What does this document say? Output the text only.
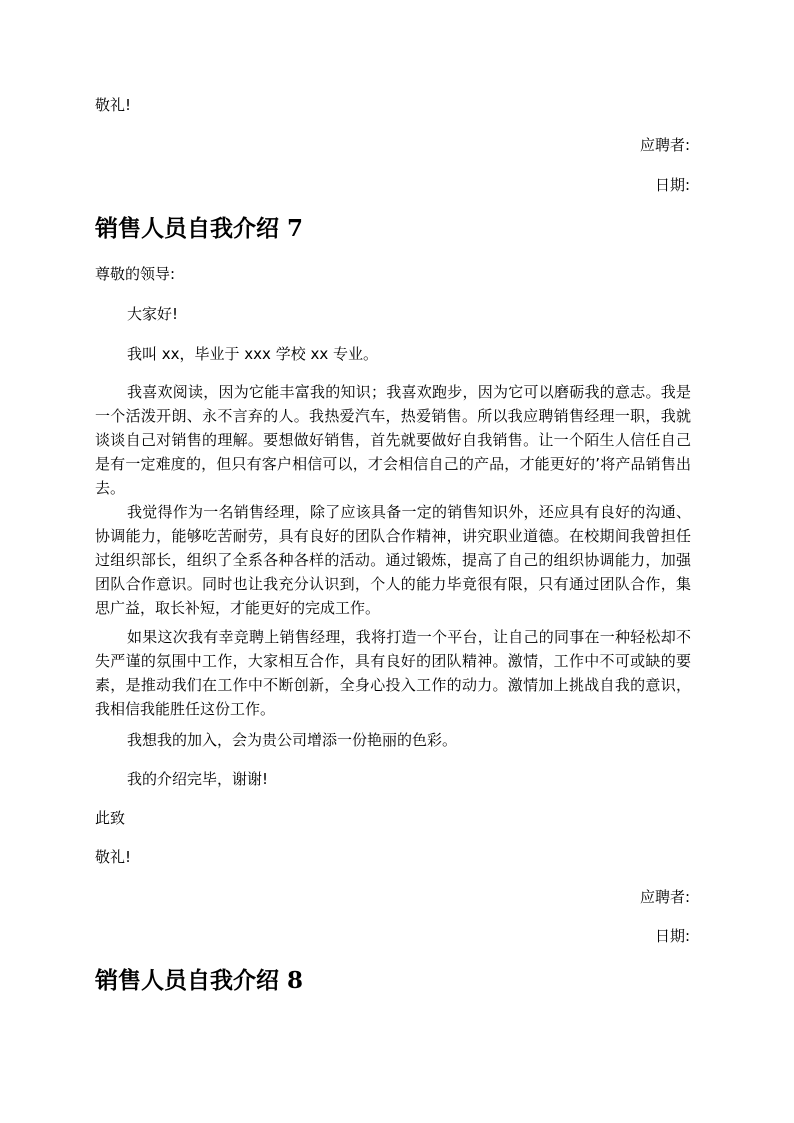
敬礼!
应聘者:
日期:
销售人员自我介绍 7
尊敬的领导:
大家好!
我叫 xx，毕业于 xxx 学校 xx 专业。
我喜欢阅读，因为它能丰富我的知识；我喜欢跑步，因为它可以磨砺我的意志。我是一个活泼开朗、永不言弃的人。我热爱汽车，热爱销售。所以我应聘销售经理一职，我就谈谈自己对销售的理解。要想做好销售，首先就要做好自我销售。让一个陌生人信任自己是有一定难度的，但只有客户相信可以，才会相信自己的产品，才能更好的’将产品销售出去。
我觉得作为一名销售经理，除了应该具备一定的销售知识外，还应具有良好的沟通、协调能力，能够吃苦耐劳，具有良好的团队合作精神，讲究职业道德。在校期间我曾担任过组织部长，组织了全系各种各样的活动。通过锻炼，提高了自己的组织协调能力，加强团队合作意识。同时也让我充分认识到，个人的能力毕竟很有限，只有通过团队合作，集思广益，取长补短，才能更好的完成工作。
如果这次我有幸竞聘上销售经理，我将打造一个平台，让自己的同事在一种轻松却不失严谨的氛围中工作，大家相互合作，具有良好的团队精神。激情，工作中不可或缺的要素，是推动我们在工作中不断创新，全身心投入工作的动力。激情加上挑战自我的意识，我相信我能胜任这份工作。
我想我的加入，会为贵公司增添一份艳丽的色彩。
我的介绍完毕，谢谢!
此致
敬礼!
应聘者:
日期:
销售人员自我介绍 8
